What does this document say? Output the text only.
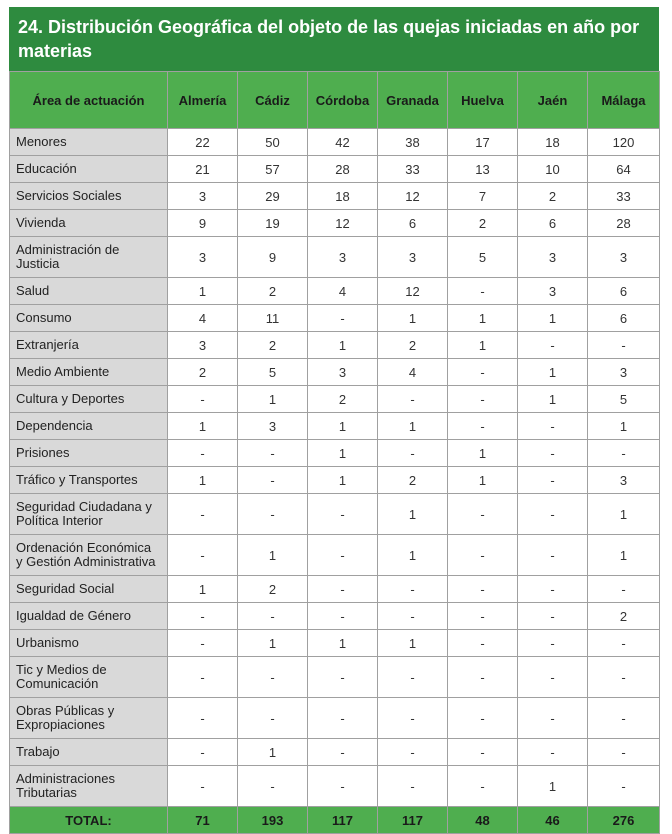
24. Distribución Geográfica del objeto de las quejas iniciadas en año por materias
Área de actuación	Almería	Cádiz	Córdoba	Granada	Huelva	Jaén	Málaga
Menores	22	50	42	38	17	18	120
Educación	21	57	28	33	13	10	64
Servicios Sociales	3	29	18	12	7	2	33
Vivienda	9	19	12	6	2	6	28
Administración de Justicia	3	9	3	3	5	3	3
Salud	1	2	4	12	-	3	6
Consumo	4	11	-	1	1	1	6
Extranjería	3	2	1	2	1	-	-
Medio Ambiente	2	5	3	4	-	1	3
Cultura y Deportes	-	1	2	-	-	1	5
Dependencia	1	3	1	1	-	-	1
Prisiones	-	-	1	-	1	-	-
Tráfico y Transportes	1	-	1	2	1	-	3
Seguridad Ciudadana y Política Interior	-	-	-	1	-	-	1
Ordenación Económica y Gestión Administrativa	-	1	-	1	-	-	1
Seguridad Social	1	2	-	-	-	-	-
Igualdad de Género	-	-	-	-	-	-	2
Urbanismo	-	1	1	1	-	-	-
Tic y Medios de Comunicación	-	-	-	-	-	-	-
Obras Públicas y Expropiaciones	-	-	-	-	-	-	-
Trabajo	-	1	-	-	-	-	-
Administraciones Tributarias	-	-	-	-	-	1	-
TOTAL:	71	193	117	117	48	46	276
